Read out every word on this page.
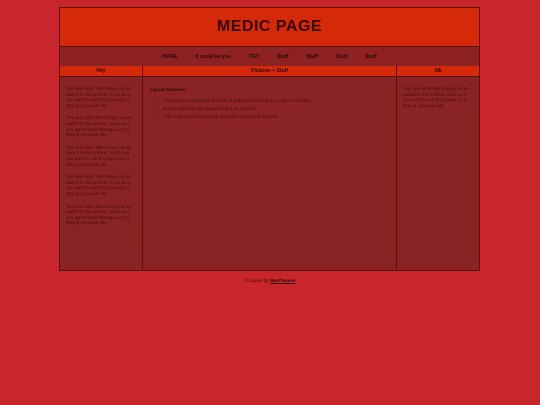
MEDIC PAGE
HOME	It could be you	TF2!	Stuff	Stuff	Stuff	Stuff
Hey

Text and other little things can be added to this section. Such as if you want to use this layout for a blog or personal site.

Text and other little things can be added to this section. Such as if you want to use this layout for a blog or personal site.

Text and other little things can be added to this section. Such as if you want to use this layout for a blog or personal site.

Text and other little things can be added to this section. Such as if you want to use this layout for a blog or personal site.

Text and other little things can be added to this section. Such as if you want to use this layout for a blog or personal site.

Pictures + Stuff
Layout Features:
• A responsive navigation bar with dropdowns on hover (on click for mobile).
• Body height that will expand to fit your content.
• Fully responsive for viewing on mobile devices of any size.
Idk

Text and other little things can be added to this section. Such as if you want to use this layout for a blog or personal site.

© Layout by NeoThemes
